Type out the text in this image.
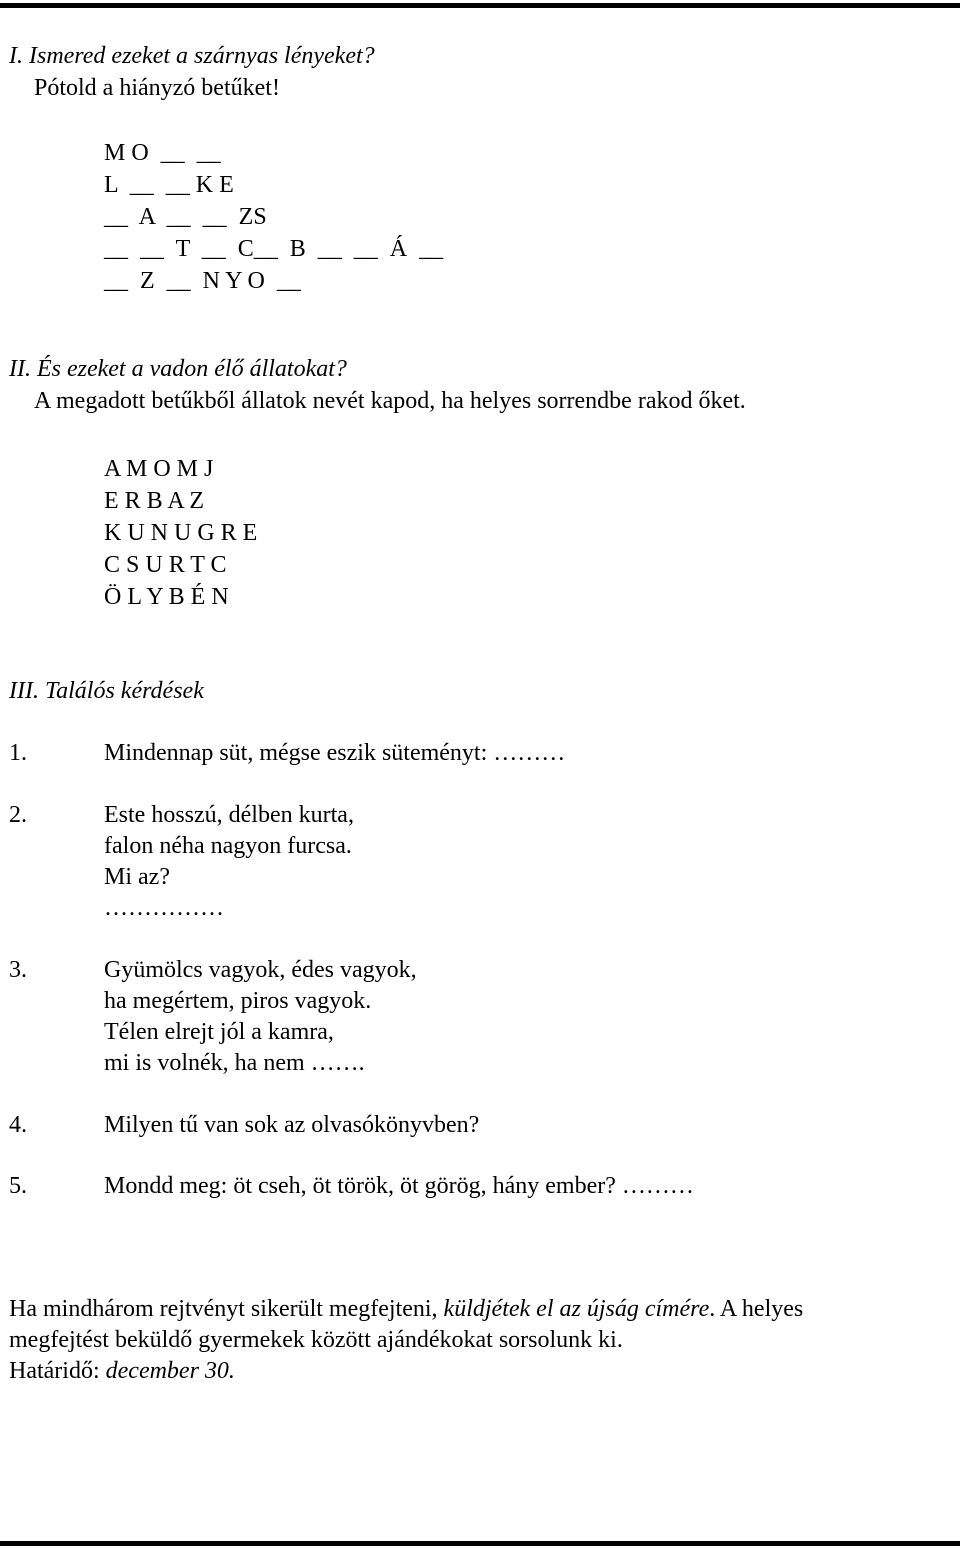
I. Ismered ezeket a szárnyas lényeket?
Pótold a hiányzó betűket!
M O  __  __
L  __  __ K E
__  A  __  __  ZS
__  __  T  __  C__  B  __  __  Á  __
__  Z  __  N Y O  __
II. És ezeket a vadon élő állatokat?
A megadott betűkből állatok nevét kapod, ha helyes sorrendbe rakod őket.
A M O M J
E R B A Z
K U N U G R E
C S U R T C
Ö L Y B É N
III. Találós kérdések
1.	Mindennap süt, mégse eszik süteményt: ………
2.	Este hosszú, délben kurta,
falon néha nagyon furcsa.
Mi az?
……………
3.	Gyümölcs vagyok, édes vagyok,
ha megértem, piros vagyok.
Télen elrejt jól a kamra,
mi is volnék, ha nem …….
4.	Milyen tű van sok az olvasókönyvben?
5.	Mondd meg: öt cseh, öt török, öt görög, hány ember? ………
Ha mindhárom rejtvényt sikerült megfejteni, küldjétek el az újság címére. A helyes
megfejtést beküldő gyermekek között ajándékokat sorsolunk ki.
Határidő: december 30.
